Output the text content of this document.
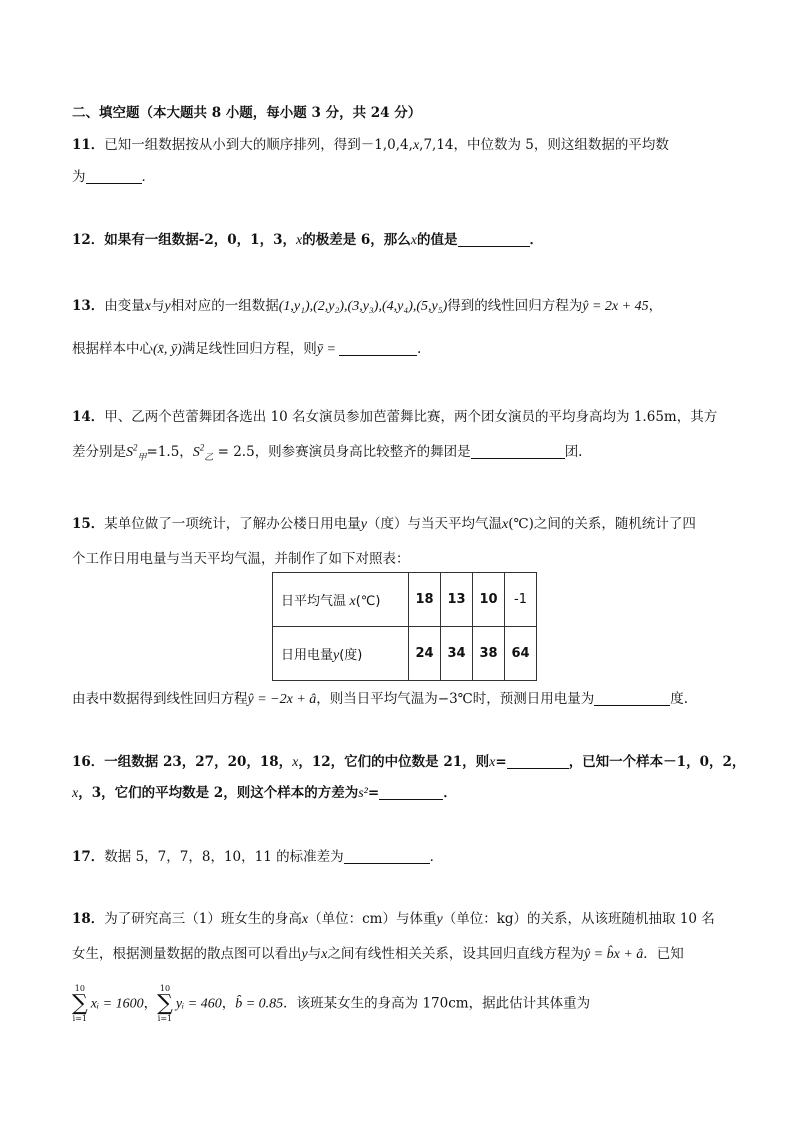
二、填空题（本大题共 8 小题，每小题 3 分，共 24 分）
11．已知一组数据按从小到大的顺序排列，得到－1,0,4,x,7,14，中位数为 5，则这组数据的平均数
为	．
12．如果有一组数据-2，0，1，3，x的极差是 6，那么x的值是	．
13．由变量x与y相对应的一组数据(1,y₁),(2,y₂),(3,y₃),(4,y₄),(5,y₅)得到的线性回归方程为ŷ = 2x + 45，
根据样本中心(x̄, ȳ)满足线性回归方程，则ȳ =	.
14．甲、乙两个芭蕾舞团各选出 10 名女演员参加芭蕾舞比赛，两个团女演员的平均身高均为 1.65m，其方
差分别是$S^2_甲=1.5$，$S^2_乙 = 2.5$，则参赛演员身高比较整齐的舞团是	团.
15．某单位做了一项统计，了解办公楼日用电量y（度）与当天平均气温x(℃)之间的关系，随机统计了四
个工作日用电量与当天平均气温，并制作了如下对照表：
日平均气温 x(℃)	18	13	10	-1
日用电量y(度)	24	34	38	64
由表中数据得到线性回归方程ŷ = −2x + â，则当日平均气温为−3℃时，预测日用电量为	度.
16．一组数据 23，27，20，18，x，12，它们的中位数是 21，则x=	，已知一个样本－1，0，2，
x，3，它们的平均数是 2，则这个样本的方差为s²=	．
17．数据 5，7，7，8，10，11 的标准差为	．
18．为了研究高三（1）班女生的身高x（单位：cm）与体重y（单位：kg）的关系，从该班随机抽取 10 名
女生，根据测量数据的散点图可以看出y与x之间有线性相关关系，设其回归直线方程为ŷ = b̂x + â．已知
10
∑
i=1
xᵢ = 1600，
10
∑
i=1
yᵢ = 460，b̂ = 0.85．该班某女生的身高为 170cm，据此估计其体重为
